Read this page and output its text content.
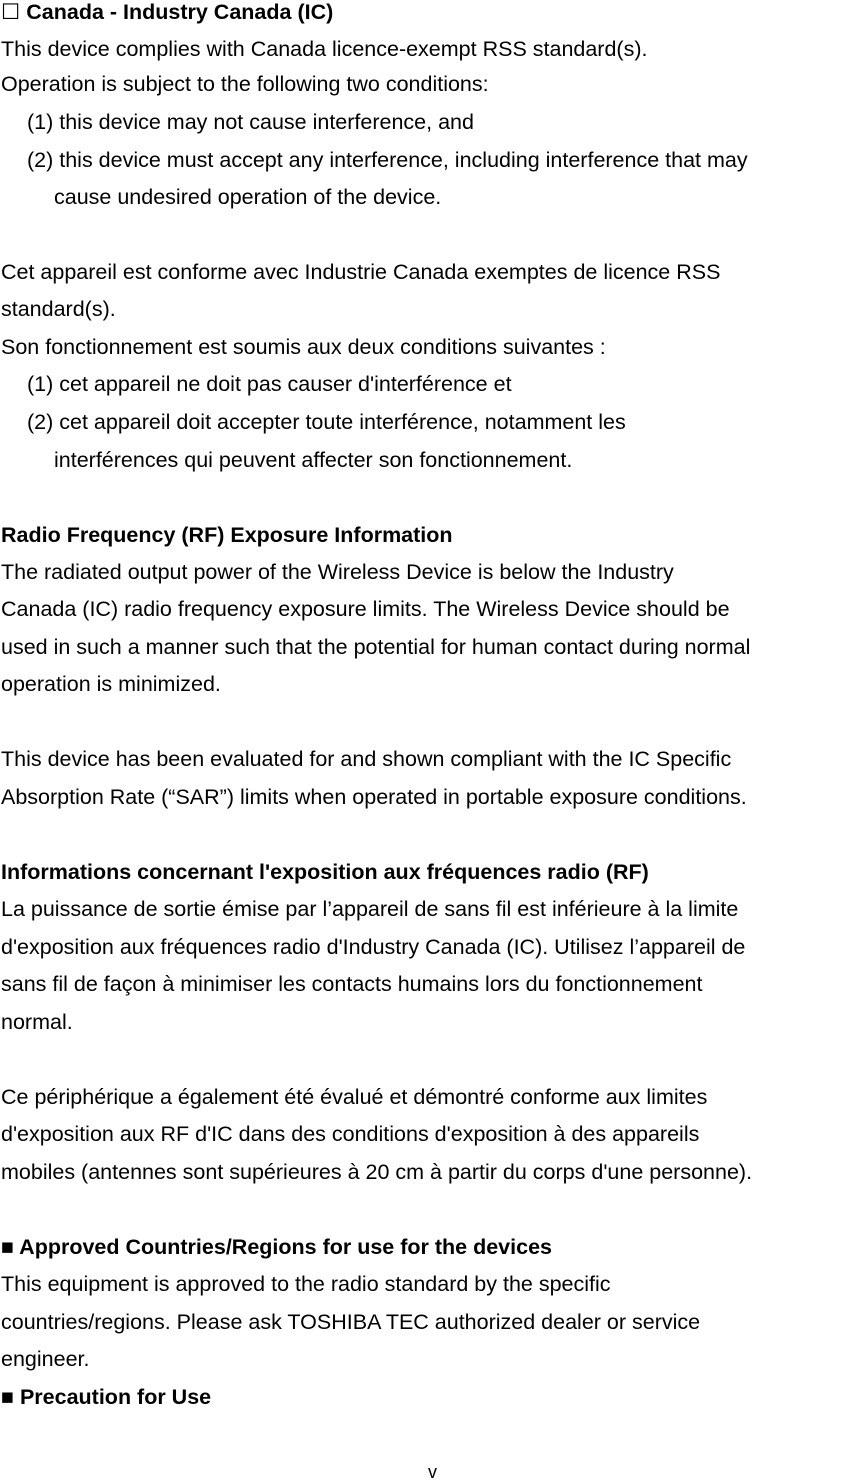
☐ Canada - Industry Canada (IC)
This device complies with Canada licence-exempt RSS standard(s).
Operation is subject to the following two conditions:
(1) this device may not cause interference, and
(2) this device must accept any interference, including interference that may
cause undesired operation of the device.
Cet appareil est conforme avec Industrie Canada exemptes de licence RSS
standard(s).
Son fonctionnement est soumis aux deux conditions suivantes :
(1) cet appareil ne doit pas causer d'interférence et
(2) cet appareil doit accepter toute interférence, notamment les
interférences qui peuvent affecter son fonctionnement.
Radio Frequency (RF) Exposure Information
The radiated output power of the Wireless Device is below the Industry
Canada (IC) radio frequency exposure limits. The Wireless Device should be
used in such a manner such that the potential for human contact during normal
operation is minimized.
This device has been evaluated for and shown compliant with the IC Specific
Absorption Rate (“SAR”) limits when operated in portable exposure conditions.
Informations concernant l'exposition aux fréquences radio (RF)
La puissance de sortie émise par l’appareil de sans fil est inférieure à la limite
d'exposition aux fréquences radio d'Industry Canada (IC). Utilisez l’appareil de
sans fil de façon à minimiser les contacts humains lors du fonctionnement
normal.
Ce périphérique a également été évalué et démontré conforme aux limites
d'exposition aux RF d'IC dans des conditions d'exposition à des appareils
mobiles (antennes sont supérieures à 20 cm à partir du corps d'une personne).
■ Approved Countries/Regions for use for the devices
This equipment is approved to the radio standard by the specific
countries/regions. Please ask TOSHIBA TEC authorized dealer or service
engineer.
■ Precaution for Use
v
